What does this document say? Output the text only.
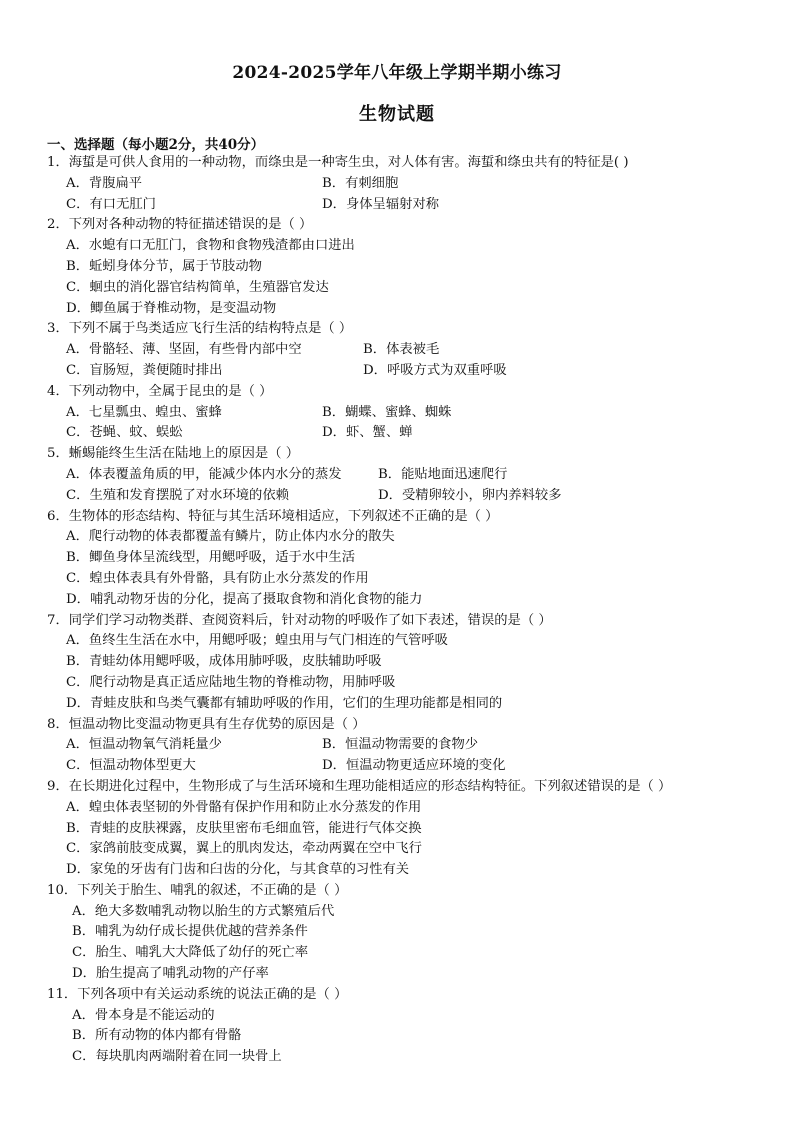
2024-2025学年八年级上学期半期小练习
生物试题
一、选择题（每小题2分，共40分）
1．海蜇是可供人食用的一种动物，而绦虫是一种寄生虫，对人体有害。海蜇和绦虫共有的特征是( )
A．背腹扁平	B．有刺细胞
C．有口无肛门	D．身体呈辐射对称
2．下列对各种动物的特征描述错误的是（ ）
A．水螅有口无肛门，食物和食物残渣都由口进出
B．蚯蚓身体分节，属于节肢动物
C．蛔虫的消化器官结构简单，生殖器官发达
D．鲫鱼属于脊椎动物，是变温动物
3．下列不属于鸟类适应飞行生活的结构特点是（ ）
A．骨骼轻、薄、坚固，有些骨内部中空	B．体表被毛
C．盲肠短，粪便随时排出	D．呼吸方式为双重呼吸
4．下列动物中，全属于昆虫的是（ ）
A．七星瓢虫、蝗虫、蜜蜂	B．蝴蝶、蜜蜂、蜘蛛
C．苍蝇、蚊、蜈蚣	D．虾、蟹、蝉
5．蜥蜴能终生生活在陆地上的原因是（ ）
A．体表覆盖角质的甲，能减少体内水分的蒸发	B．能贴地面迅速爬行
C．生殖和发育摆脱了对水环境的依赖	D．受精卵较小，卵内养料较多
6．生物体的形态结构、特征与其生活环境相适应，下列叙述不正确的是（ ）
A．爬行动物的体表都覆盖有鳞片，防止体内水分的散失
B．鲫鱼身体呈流线型，用鳃呼吸，适于水中生活
C．蝗虫体表具有外骨骼，具有防止水分蒸发的作用
D．哺乳动物牙齿的分化，提高了摄取食物和消化食物的能力
7．同学们学习动物类群、查阅资料后，针对动物的呼吸作了如下表述，错误的是（ ）
A．鱼终生生活在水中，用鳃呼吸；蝗虫用与气门相连的气管呼吸
B．青蛙幼体用鳃呼吸，成体用肺呼吸，皮肤辅助呼吸
C．爬行动物是真正适应陆地生物的脊椎动物，用肺呼吸
D．青蛙皮肤和鸟类气囊都有辅助呼吸的作用，它们的生理功能都是相同的
8．恒温动物比变温动物更具有生存优势的原因是（ ）
A．恒温动物氧气消耗量少	B．恒温动物需要的食物少
C．恒温动物体型更大	D．恒温动物更适应环境的变化
9．在长期进化过程中，生物形成了与生活环境和生理功能相适应的形态结构特征。下列叙述错误的是（ ）
A．蝗虫体表坚韧的外骨骼有保护作用和防止水分蒸发的作用
B．青蛙的皮肤裸露，皮肤里密布毛细血管，能进行气体交换
C．家鸽前肢变成翼，翼上的肌肉发达，牵动两翼在空中飞行
D．家兔的牙齿有门齿和臼齿的分化，与其食草的习性有关
10．下列关于胎生、哺乳的叙述，不正确的是（ ）
A．绝大多数哺乳动物以胎生的方式繁殖后代
B．哺乳为幼仔成长提供优越的营养条件
C．胎生、哺乳大大降低了幼仔的死亡率
D．胎生提高了哺乳动物的产仔率
11．下列各项中有关运动系统的说法正确的是（ ）
A．骨本身是不能运动的
B．所有动物的体内都有骨骼
C．每块肌肉两端附着在同一块骨上
